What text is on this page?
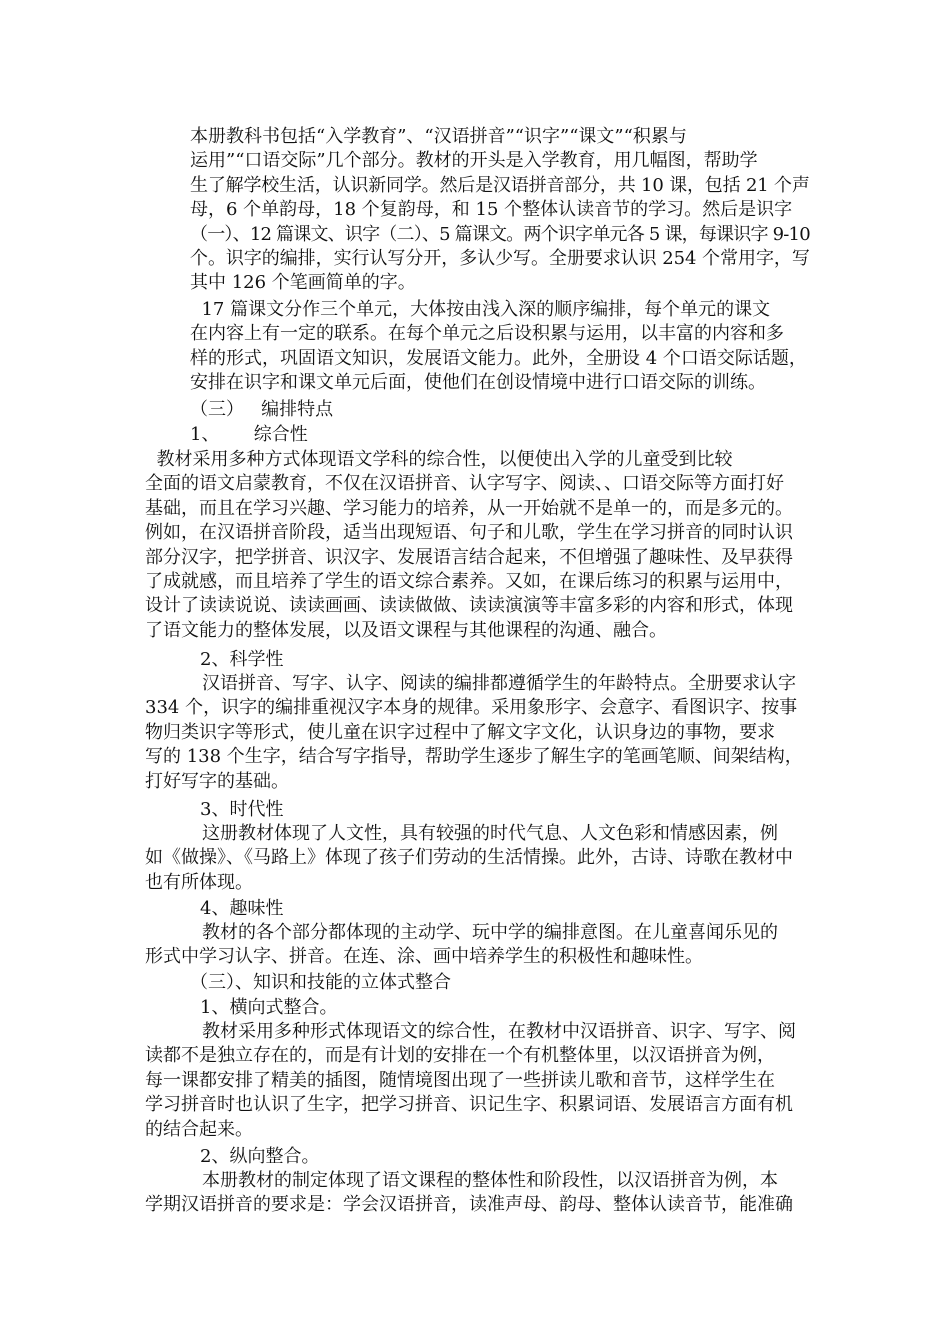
本册教科书包括“入学教育”、“汉语拼音”“识字”“课文”“积累与
运用”“口语交际”几个部分。教材的开头是入学教育，用几幅图，帮助学
生了解学校生活，认识新同学。然后是汉语拼音部分，共 10 课，包括 21 个声
母，6 个单韵母，18 个复韵母，和 15 个整体认读音节的学习。然后是识字
（一）、12 篇课文、识字（二）、5 篇课文。两个识字单元各 5 课，每课识字 9-10
个。识字的编排，实行认写分开，多认少写。全册要求认识 254 个常用字，写
其中 126 个笔画简单的字。
17 篇课文分作三个单元，大体按由浅入深的顺序编排，每个单元的课文
在内容上有一定的联系。在每个单元之后设积累与运用，以丰富的内容和多
样的形式，巩固语文知识，发展语文能力。此外，全册设 4 个口语交际话题，
安排在识字和课文单元后面，使他们在创设情境中进行口语交际的训练。
（三）   编排特点
1、      综合性
教材采用多种方式体现语文学科的综合性，以便使出入学的儿童受到比较
全面的语文启蒙教育，不仅在汉语拼音、认字写字、阅读、、口语交际等方面打好
基础，而且在学习兴趣、学习能力的培养，从一开始就不是单一的，而是多元的。
例如，在汉语拼音阶段，适当出现短语、句子和儿歌，学生在学习拼音的同时认识
部分汉字，把学拼音、识汉字、发展语言结合起来，不但增强了趣味性、及早获得
了成就感，而且培养了学生的语文综合素养。又如，在课后练习的积累与运用中，
设计了读读说说、读读画画、读读做做、读读演演等丰富多彩的内容和形式，体现
了语文能力的整体发展，以及语文课程与其他课程的沟通、融合。
2、科学性
汉语拼音、写字、认字、阅读的编排都遵循学生的年龄特点。全册要求认字
334 个，识字的编排重视汉字本身的规律。采用象形字、会意字、看图识字、按事
物归类识字等形式，使儿童在识字过程中了解文字文化，认识身边的事物，要求
写的 138 个生字，结合写字指导，帮助学生逐步了解生字的笔画笔顺、间架结构，
打好写字的基础。
3、时代性
这册教材体现了人文性，具有较强的时代气息、人文色彩和情感因素，例
如《做操》、《马路上》体现了孩子们劳动的生活情操。此外，古诗、诗歌在教材中
也有所体现。
4、趣味性
教材的各个部分都体现的主动学、玩中学的编排意图。在儿童喜闻乐见的
形式中学习认字、拼音。在连、涂、画中培养学生的积极性和趣味性。
（三）、知识和技能的立体式整合
1、横向式整合。
教材采用多种形式体现语文的综合性，在教材中汉语拼音、识字、写字、阅
读都不是独立存在的，而是有计划的安排在一个有机整体里，以汉语拼音为例，
每一课都安排了精美的插图，随情境图出现了一些拼读儿歌和音节，这样学生在
学习拼音时也认识了生字，把学习拼音、识记生字、积累词语、发展语言方面有机
的结合起来。
2、纵向整合。
本册教材的制定体现了语文课程的整体性和阶段性，以汉语拼音为例，本
学期汉语拼音的要求是：学会汉语拼音，读准声母、韵母、整体认读音节，能准确
